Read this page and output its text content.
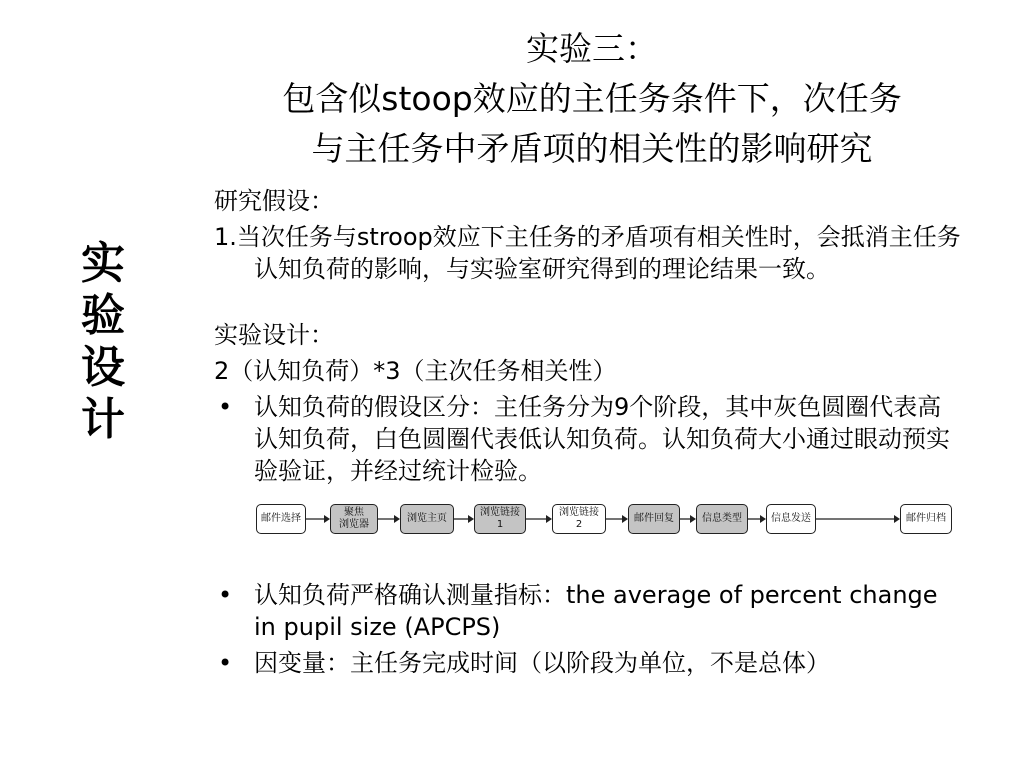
实验设计
实验三：
包含似stoop效应的主任务条件下，次任务
与主任务中矛盾项的相关性的影响研究
研究假设：
1.当次任务与stroop效应下主任务的矛盾项有相关性时，会抵消主任务认知负荷的影响，与实验室研究得到的理论结果一致。
实验设计：
2（认知负荷）*3（主次任务相关性）
• 认知负荷的假设区分：主任务分为9个阶段，其中灰色圆圈代表高认知负荷，白色圆圈代表低认知负荷。认知负荷大小通过眼动预实验验证，并经过统计检验。
邮件选择
聚焦
浏览器
浏览主页
浏览链接
1
浏览链接
2
邮件回复	信息类型	信息发送	邮件归档
• 认知负荷严格确认测量指标：the average of percent change in pupil size (APCPS)
• 因变量：主任务完成时间（以阶段为单位，不是总体）
